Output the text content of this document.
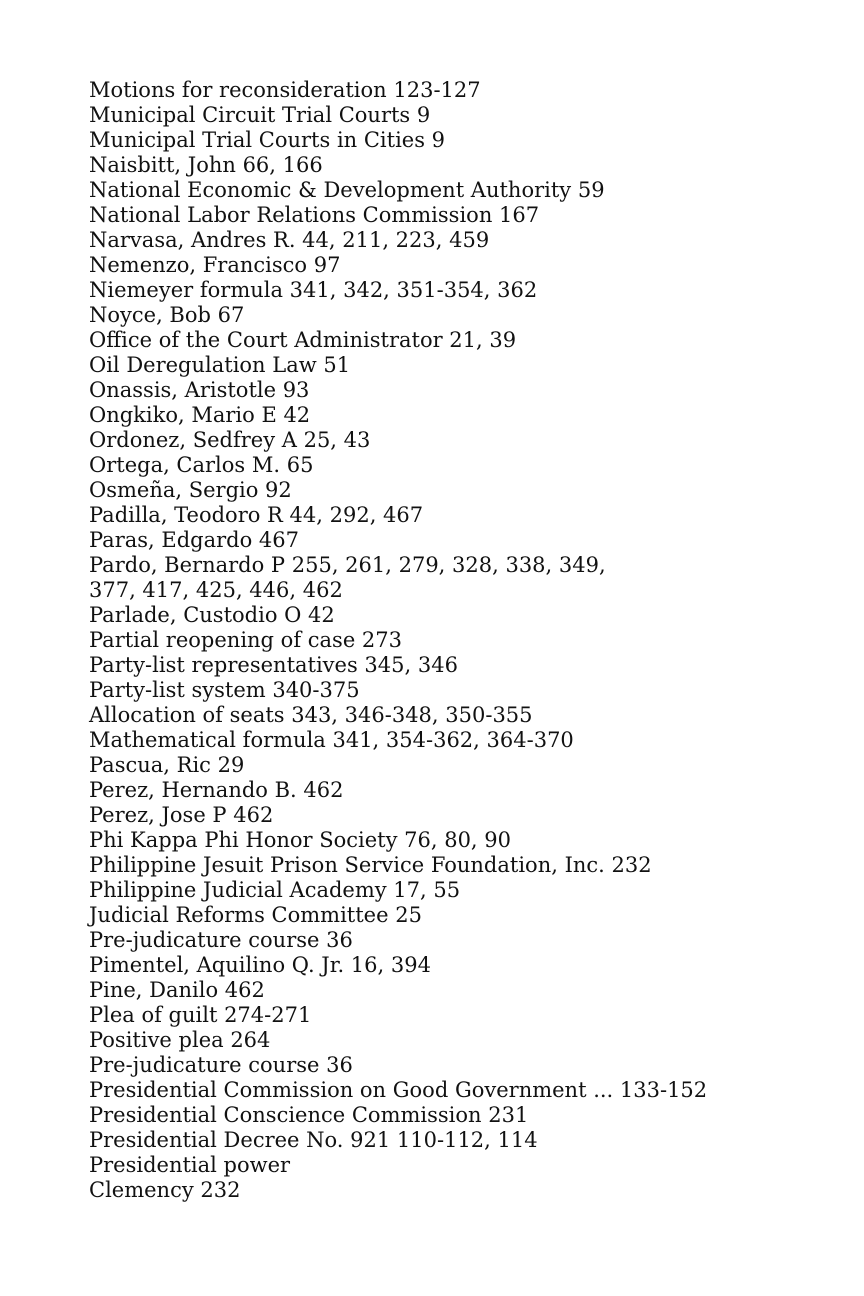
Motions for reconsideration 123-127
Municipal Circuit Trial Courts 9
Municipal Trial Courts in Cities 9
Naisbitt, John 66, 166
National Economic & Development Authority 59
National Labor Relations Commission 167
Narvasa, Andres R. 44, 211, 223, 459
Nemenzo, Francisco 97
Niemeyer formula 341, 342, 351-354, 362
Noyce, Bob 67
Office of the Court Administrator 21, 39
Oil Deregulation Law 51
Onassis, Aristotle 93
Ongkiko, Mario E 42
Ordonez, Sedfrey A 25, 43
Ortega, Carlos M. 65
Osmeña, Sergio 92
Padilla, Teodoro R 44, 292, 467
Paras, Edgardo 467
Pardo, Bernardo P 255, 261, 279, 328, 338, 349,
377, 417, 425, 446, 462
Parlade, Custodio O 42
Partial reopening of case 273
Party-list representatives 345, 346
Party-list system 340-375
Allocation of seats 343, 346-348, 350-355
Mathematical formula 341, 354-362, 364-370
Pascua, Ric 29
Perez, Hernando B. 462
Perez, Jose P 462
Phi Kappa Phi Honor Society 76, 80, 90
Philippine Jesuit Prison Service Foundation, Inc. 232
Philippine Judicial Academy 17, 55
Judicial Reforms Committee 25
Pre-judicature course 36
Pimentel, Aquilino Q. Jr. 16, 394
Pine, Danilo 462
Plea of guilt 274-271
Positive plea 264
Pre-judicature course 36
Presidential Commission on Good Government ... 133-152
Presidential Conscience Commission 231
Presidential Decree No. 921 110-112, 114
Presidential power
Clemency 232
